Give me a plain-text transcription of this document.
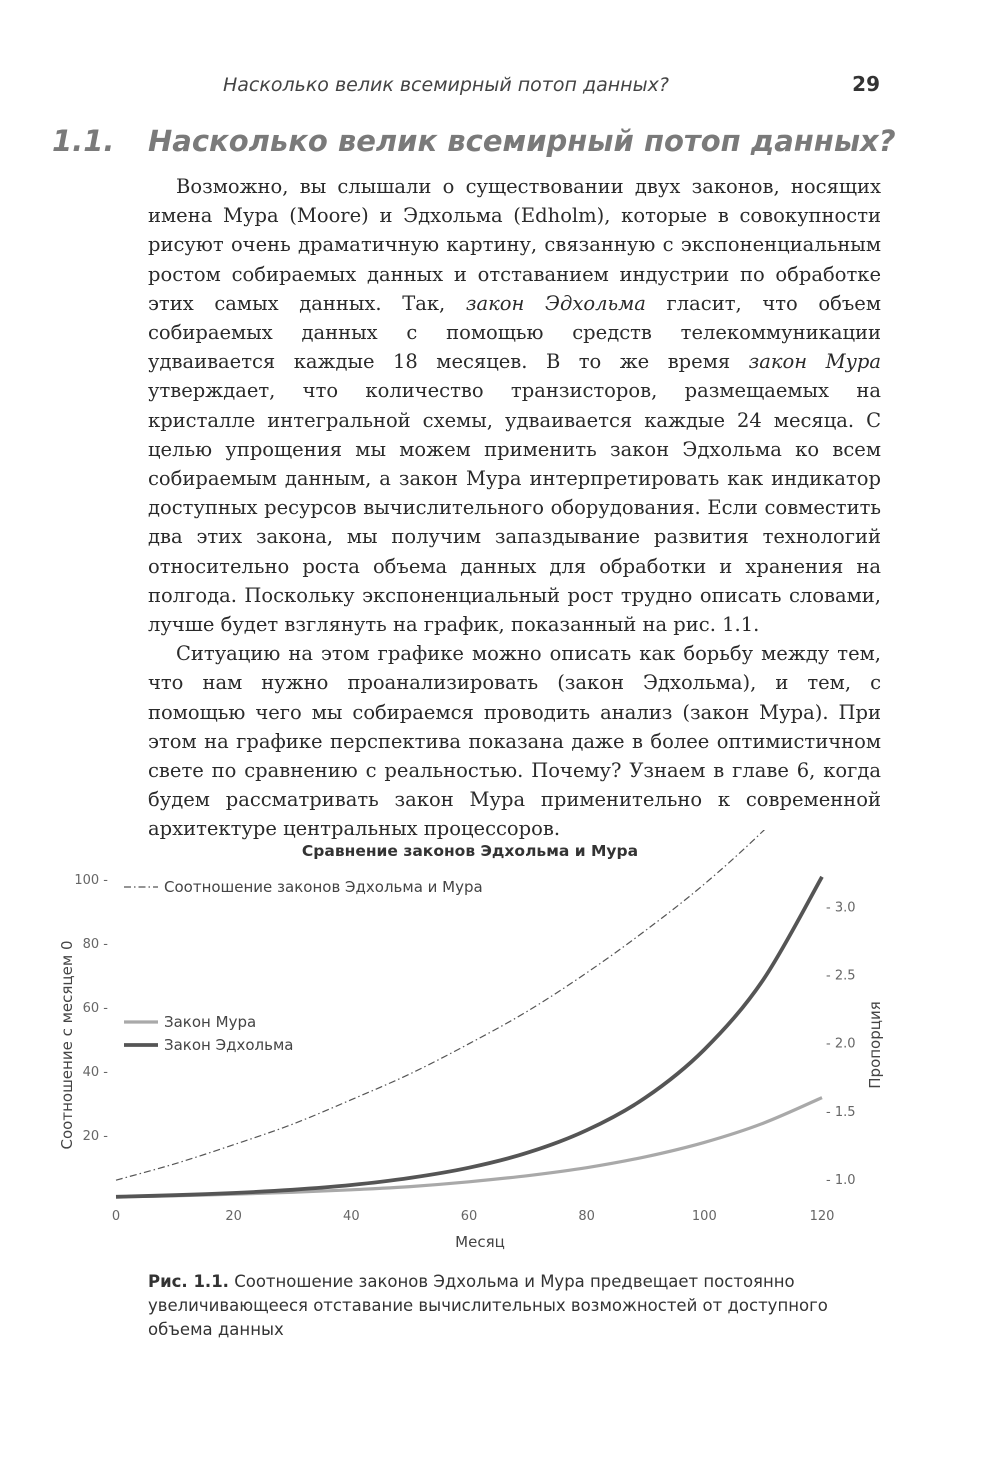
Насколько велик всемирный потоп данных?	29
1.1. Насколько велик всемирный потоп данных?

Возможно, вы слышали о существовании двух законов, носящих имена Мура (Moore) и Эдхольма (Edholm), которые в совокупности рисуют очень драматичную картину, связанную с экспоненциальным ростом собираемых данных и отставанием индустрии по обработке этих самых данных. Так, закон Эдхольма гласит, что объем собираемых данных с помощью средств телекоммуникации удваивается каждые 18 месяцев. В то же время закон Мура утверждает, что количество транзисторов, размещаемых на кристалле интегральной схемы, удваивается каждые 24 месяца. С целью упрощения мы можем применить закон Эдхольма ко всем собираемым данным, а закон Мура интерпретировать как индикатор доступных ресурсов вычислительного оборудования. Если совместить два этих закона, мы получим запаздывание развития технологий относительно роста объема данных для обработки и хранения на полгода. Поскольку экспоненциальный рост трудно описать словами, лучше будет взглянуть на график, показанный на рис. 1.1.

Ситуацию на этом графике можно описать как борьбу между тем, что нам нужно проанализировать (закон Эдхольма), и тем, с помощью чего мы собираемся проводить анализ (закон Мура). При этом на графике перспектива показана даже в более оптимистичном свете по сравнению с реальностью. Почему? Узнаем в главе 6, когда будем рассматривать закон Мура применительно к современной архитектуре центральных процессоров.

Сравнение законов Эдхольма и Мура
0	20	40	60	80	100	120
20 -
40 -
60 -
80 -
100 -
- 1.0
- 1.5
- 2.0
- 2.5
- 3.0
Месяц
Соотношение с месяцем 0	Пропорция
Соотношение законов Эдхольма и Мура
Закон Мура
Закон Эдхольма
Рис. 1.1. Соотношение законов Эдхольма и Мура предвещает постоянно увеличивающееся отставание вычислительных возможностей от доступного объема данных
